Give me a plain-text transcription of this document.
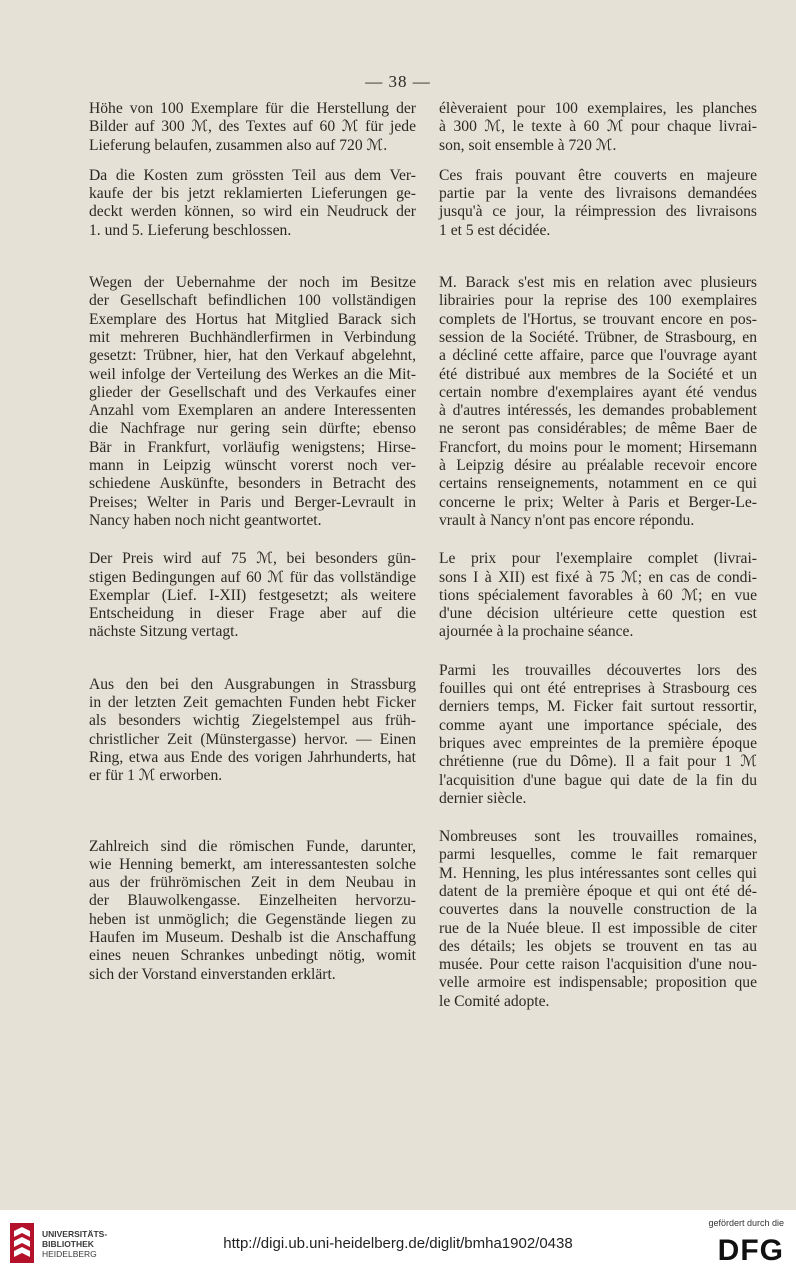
— 38 —
Höhe von 100 Exemplare für die Herstellung der
Bilder auf 300 ℳ, des Textes auf 60 ℳ für jede
Lieferung belaufen, zusammen also auf 720 ℳ.
Da die Kosten zum grössten Teil aus dem Ver-
kaufe der bis jetzt reklamierten Lieferungen ge-
deckt werden können, so wird ein Neudruck der
1. und 5. Lieferung beschlossen.
Wegen der Uebernahme der noch im Besitze
der Gesellschaft befindlichen 100 vollständigen
Exemplare des Hortus hat Mitglied Barack sich
mit mehreren Buchhändlerfirmen in Verbindung
gesetzt: Trübner, hier, hat den Verkauf abgelehnt,
weil infolge der Verteilung des Werkes an die Mit-
glieder der Gesellschaft und des Verkaufes einer
Anzahl vom Exemplaren an andere Interessenten
die Nachfrage nur gering sein dürfte; ebenso
Bär in Frankfurt, vorläufig wenigstens; Hirse-
mann in Leipzig wünscht vorerst noch ver-
schiedene Auskünfte, besonders in Betracht des
Preises; Welter in Paris und Berger-Levrault in
Nancy haben noch nicht geantwortet.
Der Preis wird auf 75 ℳ, bei besonders gün-
stigen Bedingungen auf 60 ℳ für das vollständige
Exemplar (Lief. I-XII) festgesetzt; als weitere
Entscheidung in dieser Frage aber auf die
nächste Sitzung vertagt.
Aus den bei den Ausgrabungen in Strassburg
in der letzten Zeit gemachten Funden hebt Ficker
als besonders wichtig Ziegelstempel aus früh-
christlicher Zeit (Münstergasse) hervor. — Einen
Ring, etwa aus Ende des vorigen Jahrhunderts, hat
er für 1 ℳ erworben.
Zahlreich sind die römischen Funde, darunter,
wie Henning bemerkt, am interessantesten solche
aus der frührömischen Zeit in dem Neubau in
der Blauwolkengasse. Einzelheiten hervorzu-
heben ist unmöglich; die Gegenstände liegen zu
Haufen im Museum. Deshalb ist die Anschaffung
eines neuen Schrankes unbedingt nötig, womit
sich der Vorstand einverstanden erklärt.
élèveraient pour 100 exemplaires, les planches
à 300 ℳ, le texte à 60 ℳ pour chaque livrai-
son, soit ensemble à 720 ℳ.
Ces frais pouvant être couverts en majeure
partie par la vente des livraisons demandées
jusqu'à ce jour, la réimpression des livraisons
1 et 5 est décidée.
M. Barack s'est mis en relation avec plusieurs
librairies pour la reprise des 100 exemplaires
complets de l'Hortus, se trouvant encore en pos-
session de la Société. Trübner, de Strasbourg, en
a décliné cette affaire, parce que l'ouvrage ayant
été distribué aux membres de la Société et un
certain nombre d'exemplaires ayant été vendus
à d'autres intéressés, les demandes probablement
ne seront pas considérables; de même Baer de
Francfort, du moins pour le moment; Hirsemann
à Leipzig désire au préalable recevoir encore
certains renseignements, notamment en ce qui
concerne le prix; Welter à Paris et Berger-Le-
vrault à Nancy n'ont pas encore répondu.
Le prix pour l'exemplaire complet (livrai-
sons I à XII) est fixé à 75 ℳ; en cas de condi-
tions spécialement favorables à 60 ℳ; en vue
d'une décision ultérieure cette question est
ajournée à la prochaine séance.
Parmi les trouvailles découvertes lors des
fouilles qui ont été entreprises à Strasbourg ces
derniers temps, M. Ficker fait surtout ressortir,
comme ayant une importance spéciale, des
briques avec empreintes de la première époque
chrétienne (rue du Dôme). Il a fait pour 1 ℳ
l'acquisition d'une bague qui date de la fin du
dernier siècle.
Nombreuses sont les trouvailles romaines,
parmi lesquelles, comme le fait remarquer
M. Henning, les plus intéressantes sont celles qui
datent de la première époque et qui ont été dé-
couvertes dans la nouvelle construction de la
rue de la Nuée bleue. Il est impossible de citer
des détails; les objets se trouvent en tas au
musée. Pour cette raison l'acquisition d'une nou-
velle armoire est indispensable; proposition que
le Comité adopte.
UNIVERSITÄTS-
BIBLIOTHEK
HEIDELBERG
http://digi.ub.uni-heidelberg.de/diglit/bmha1902/0438
gefördert durch die
DFG
